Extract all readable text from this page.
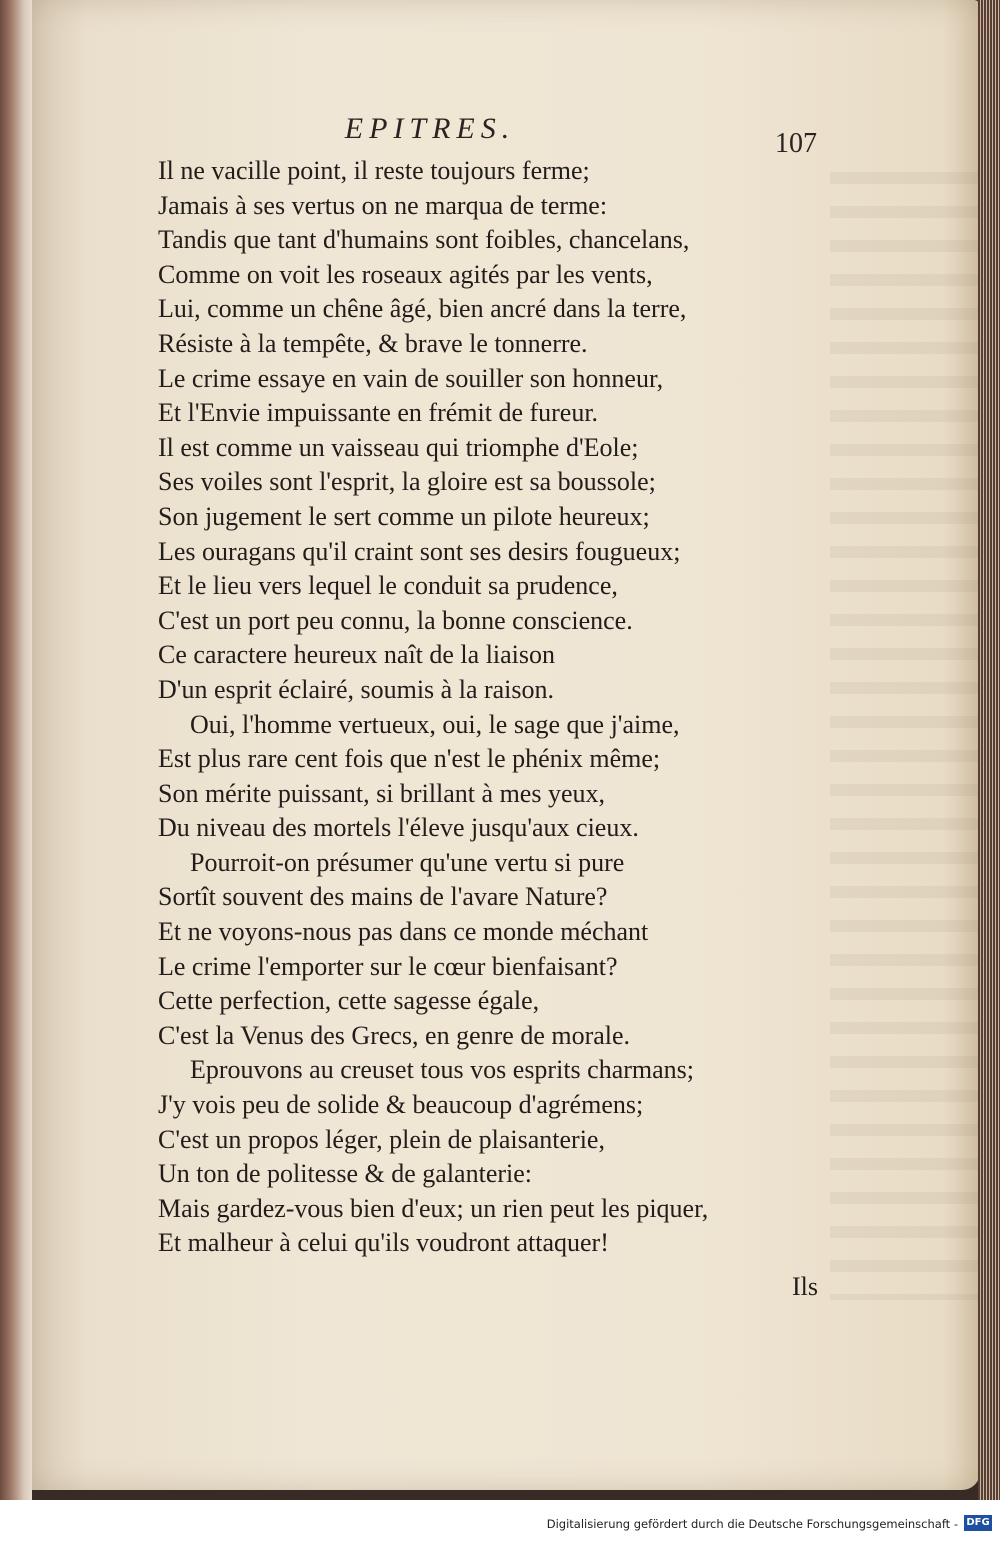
EPITRES.	107
Il ne vacille point, il reste toujours ferme;
Jamais à ses vertus on ne marqua de terme:
Tandis que tant d'humains sont foibles, chancelans,
Comme on voit les roseaux agités par les vents,
Lui, comme un chêne âgé, bien ancré dans la terre,
Résiste à la tempête, & brave le tonnerre.
Le crime essaye en vain de souiller son honneur,
Et l'Envie impuissante en frémit de fureur.
Il est comme un vaisseau qui triomphe d'Eole;
Ses voiles sont l'esprit, la gloire est sa boussole;
Son jugement le sert comme un pilote heureux;
Les ouragans qu'il craint sont ses desirs fougueux;
Et le lieu vers lequel le conduit sa prudence,
C'est un port peu connu, la bonne conscience.
Ce caractere heureux naît de la liaison
D'un esprit éclairé, soumis à la raison.
Oui, l'homme vertueux, oui, le sage que j'aime,
Est plus rare cent fois que n'est le phénix même;
Son mérite puissant, si brillant à mes yeux,
Du niveau des mortels l'éleve jusqu'aux cieux.
Pourroit-on présumer qu'une vertu si pure
Sortît souvent des mains de l'avare Nature?
Et ne voyons-nous pas dans ce monde méchant
Le crime l'emporter sur le cœur bienfaisant?
Cette perfection, cette sagesse égale,
C'est la Venus des Grecs, en genre de morale.
Eprouvons au creuset tous vos esprits charmans;
J'y vois peu de solide & beaucoup d'agrémens;
C'est un propos léger, plein de plaisanterie,
Un ton de politesse & de galanterie:
Mais gardez-vous bien d'eux; un rien peut les piquer,
Et malheur à celui qu'ils voudront attaquer!
Ils
Digitalisierung gefördert durch die Deutsche Forschungsgemeinschaft - DFG
